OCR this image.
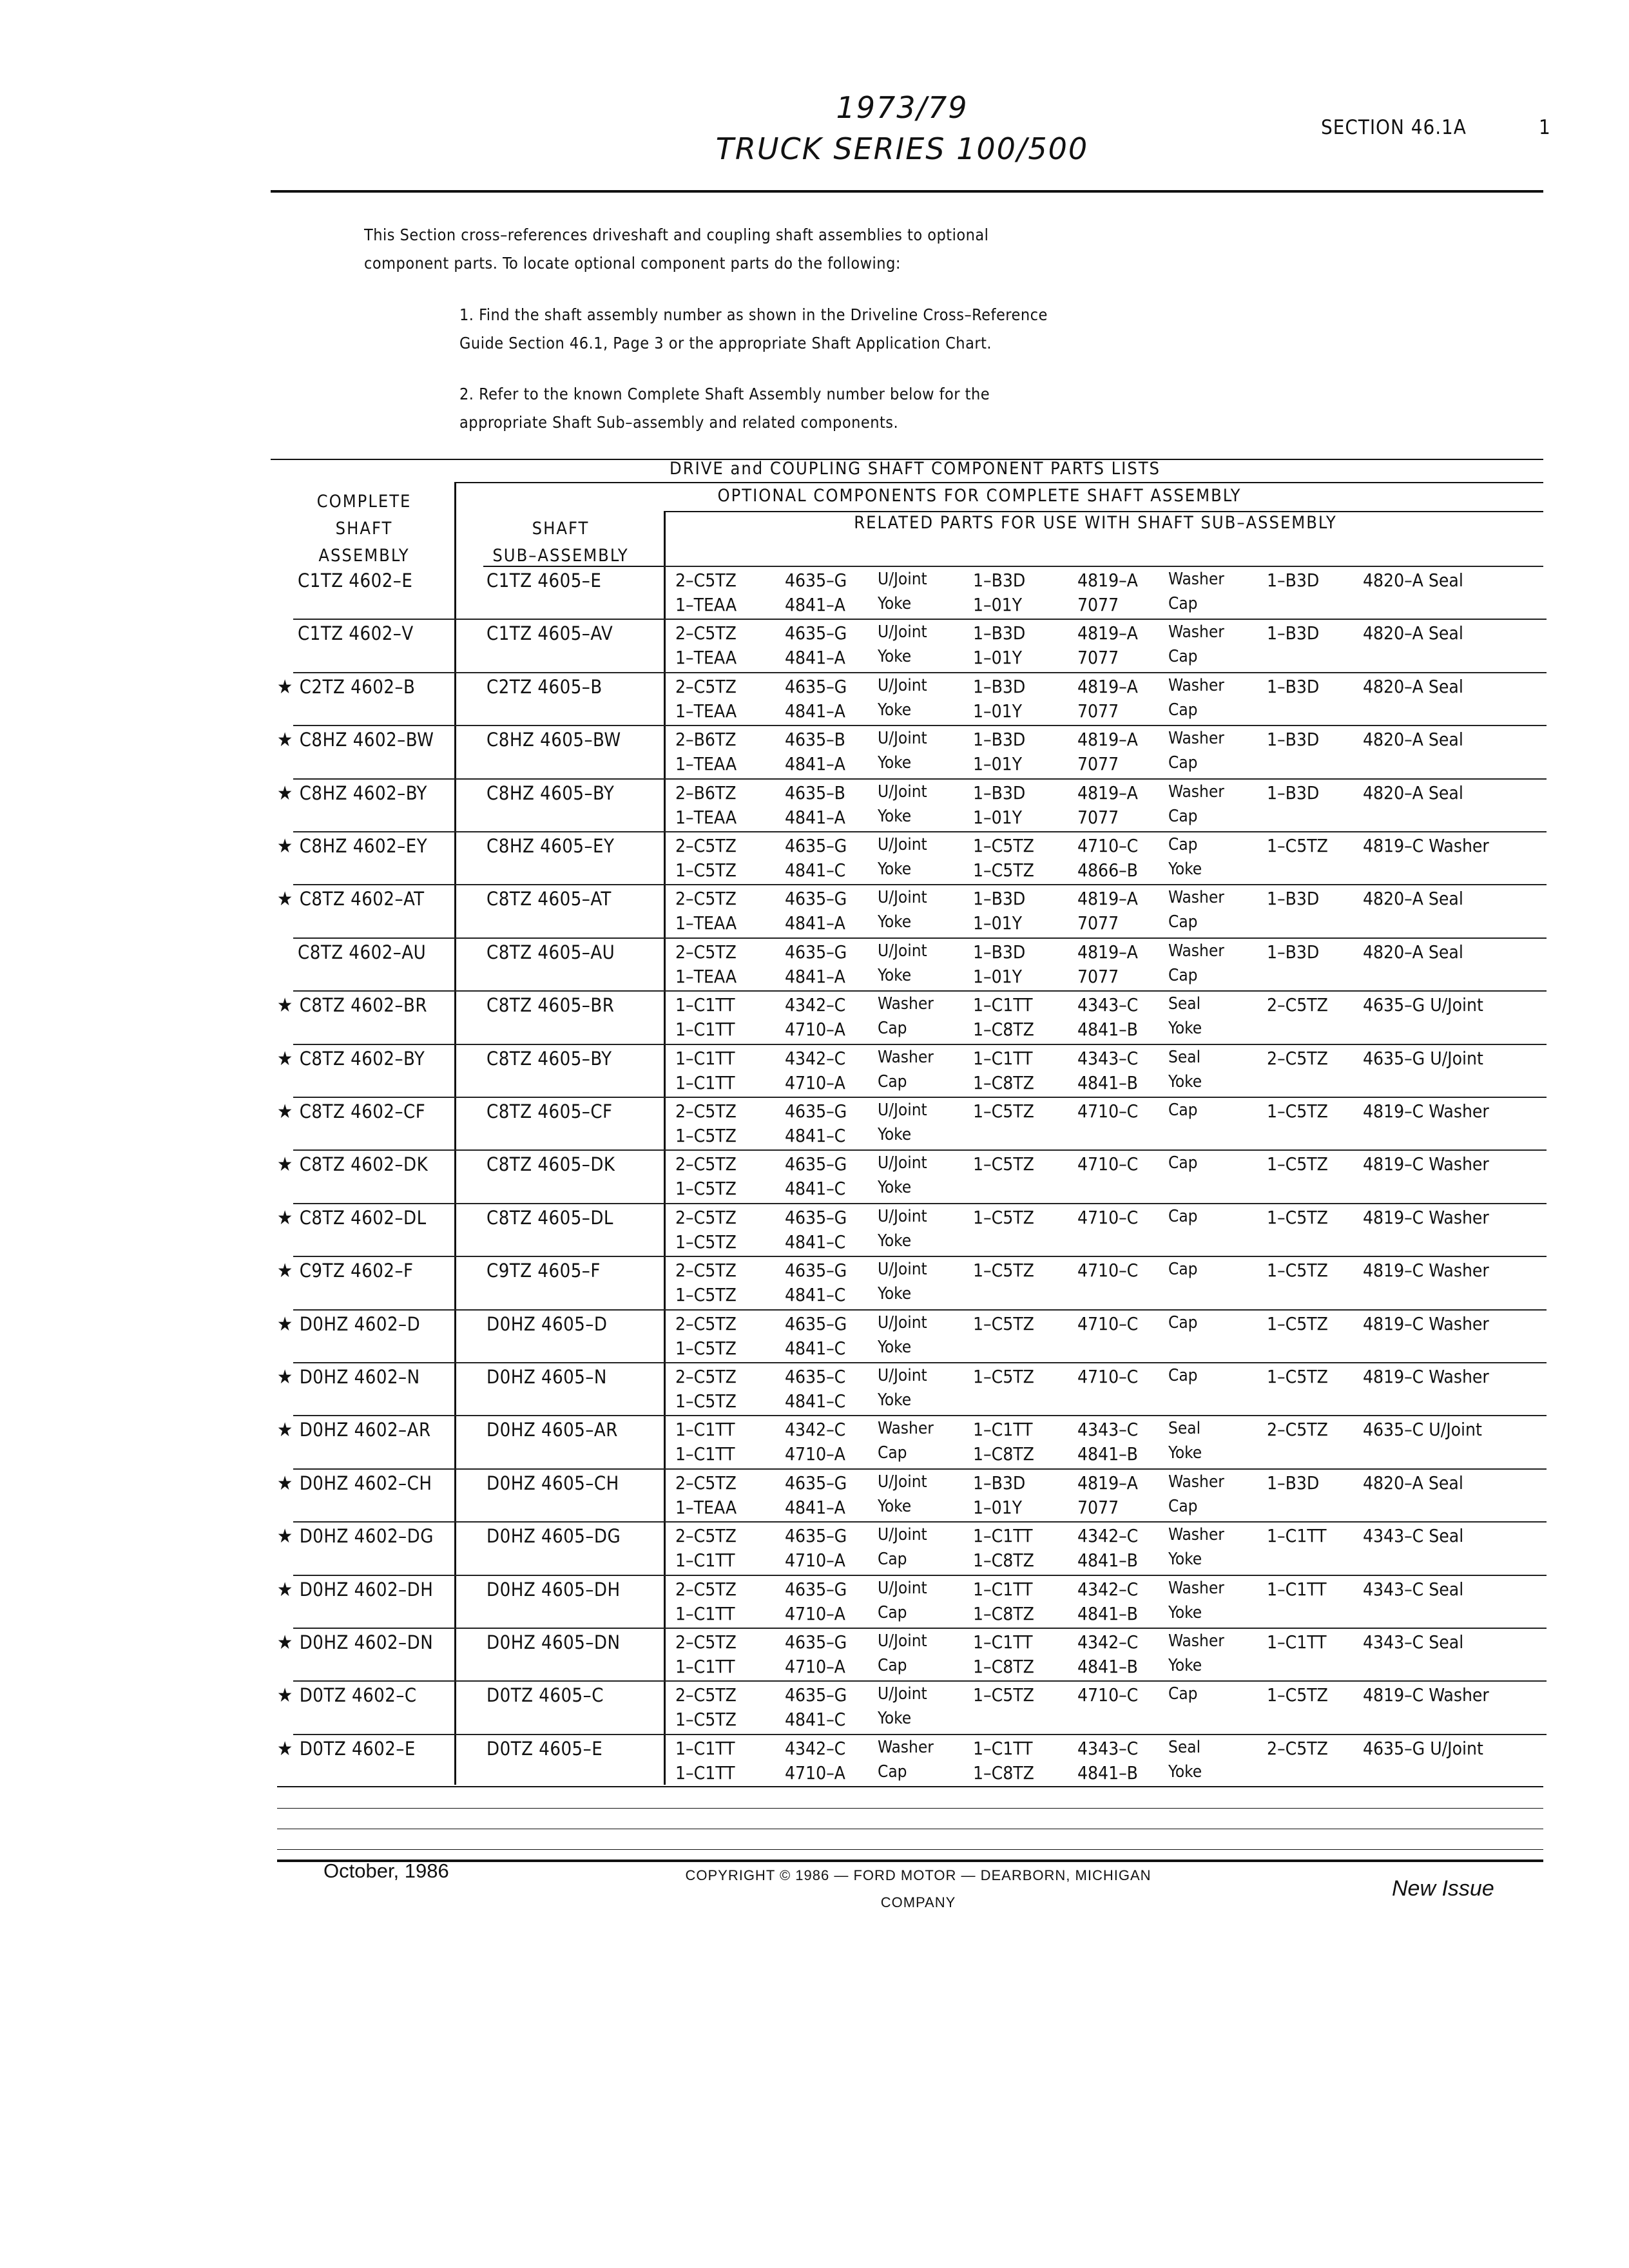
1973/79
TRUCK SERIES 100/500
SECTION 46.1A	1
This Section cross–references driveshaft and coupling shaft assemblies to optional
component parts. To locate optional component parts do the following:
1. Find the shaft assembly number as shown in the Driveline Cross–Reference
Guide Section 46.1, Page 3 or the appropriate Shaft Application Chart.
2. Refer to the known Complete Shaft Assembly number below for the
appropriate Shaft Sub–assembly and related components.
DRIVE and COUPLING SHAFT COMPONENT PARTS LISTS
OPTIONAL COMPONENTS FOR COMPLETE SHAFT ASSEMBLY
RELATED PARTS FOR USE WITH SHAFT SUB–ASSEMBLY
COMPLETE
SHAFT
ASSEMBLY
SHAFT
SUB–ASSEMBLY
C1TZ 4602–E	C1TZ 4605–E	2–C5TZ	4635–G U/Joint	1–B3D	4819–A Washer 1–B3D 4820–A Seal
1–TEAA	4841–A Yoke	1–01Y	7077	Cap
C1TZ 4602–V	C1TZ 4605–AV	2–C5TZ	4635–G U/Joint	1–B3D	4819–A Washer 1–B3D 4820–A Seal
1–TEAA	4841–A Yoke	1–01Y	7077	Cap
★ C2TZ 4602–B	C2TZ 4605–B	2–C5TZ	4635–G U/Joint	1–B3D	4819–A Washer 1–B3D 4820–A Seal
1–TEAA	4841–A Yoke	1–01Y	7077	Cap
★ C8HZ 4602–BW	C8HZ 4605–BW	2–B6TZ	4635–B U/Joint	1–B3D	4819–A Washer 1–B3D 4820–A Seal
1–TEAA	4841–A Yoke	1–01Y	7077	Cap
★ C8HZ 4602–BY	C8HZ 4605–BY	2–B6TZ	4635–B U/Joint	1–B3D	4819–A Washer 1–B3D 4820–A Seal
1–TEAA	4841–A Yoke	1–01Y	7077	Cap
★ C8HZ 4602–EY	C8HZ 4605–EY	2–C5TZ	4635–G U/Joint	1–C5TZ 4710–C Cap	1–C5TZ 4819–C Washer
1–C5TZ	4841–C Yoke	1–C5TZ 4866–B Yoke
★ C8TZ 4602–AT	C8TZ 4605–AT	2–C5TZ	4635–G U/Joint	1–B3D	4819–A Washer 1–B3D 4820–A Seal
1–TEAA	4841–A Yoke	1–01Y	7077	Cap
C8TZ 4602–AU	C8TZ 4605–AU	2–C5TZ	4635–G U/Joint	1–B3D	4819–A Washer 1–B3D 4820–A Seal
1–TEAA	4841–A Yoke	1–01Y	7077	Cap
★ C8TZ 4602–BR	C8TZ 4605–BR	1–C1TT	4342–C Washer 1–C1TT 4343–C Seal	2–C5TZ 4635–G U/Joint
1–C1TT	4710–A Cap	1–C8TZ 4841–B Yoke
★ C8TZ 4602–BY	C8TZ 4605–BY	1–C1TT	4342–C Washer 1–C1TT 4343–C Seal	2–C5TZ 4635–G U/Joint
1–C1TT	4710–A Cap	1–C8TZ 4841–B Yoke
★ C8TZ 4602–CF	C8TZ 4605–CF	2–C5TZ	4635–G U/Joint	1–C5TZ 4710–C Cap	1–C5TZ 4819–C Washer
1–C5TZ	4841–C Yoke
★ C8TZ 4602–DK	C8TZ 4605–DK	2–C5TZ	4635–G U/Joint	1–C5TZ 4710–C Cap	1–C5TZ 4819–C Washer
1–C5TZ	4841–C Yoke
★ C8TZ 4602–DL	C8TZ 4605–DL	2–C5TZ	4635–G U/Joint	1–C5TZ 4710–C Cap	1–C5TZ 4819–C Washer
1–C5TZ	4841–C Yoke
★ C9TZ 4602–F	C9TZ 4605–F	2–C5TZ	4635–G U/Joint	1–C5TZ 4710–C Cap	1–C5TZ 4819–C Washer
1–C5TZ	4841–C Yoke
★ D0HZ 4602–D	D0HZ 4605–D	2–C5TZ	4635–G U/Joint	1–C5TZ 4710–C Cap	1–C5TZ 4819–C Washer
1–C5TZ	4841–C Yoke
★ D0HZ 4602–N	D0HZ 4605–N	2–C5TZ	4635–C U/Joint	1–C5TZ 4710–C Cap	1–C5TZ 4819–C Washer
1–C5TZ	4841–C Yoke
★ D0HZ 4602–AR	D0HZ 4605–AR	1–C1TT	4342–C Washer 1–C1TT 4343–C Seal	2–C5TZ 4635–C U/Joint
1–C1TT	4710–A Cap	1–C8TZ 4841–B Yoke
★ D0HZ 4602–CH	D0HZ 4605–CH	2–C5TZ	4635–G U/Joint	1–B3D	4819–A Washer 1–B3D 4820–A Seal
1–TEAA	4841–A Yoke	1–01Y	7077	Cap
★ D0HZ 4602–DG	D0HZ 4605–DG	2–C5TZ	4635–G U/Joint	1–C1TT 4342–C Washer 1–C1TT 4343–C Seal
1–C1TT	4710–A Cap	1–C8TZ 4841–B Yoke
★ D0HZ 4602–DH	D0HZ 4605–DH	2–C5TZ	4635–G U/Joint	1–C1TT 4342–C Washer 1–C1TT 4343–C Seal
1–C1TT	4710–A Cap	1–C8TZ 4841–B Yoke
★ D0HZ 4602–DN	D0HZ 4605–DN	2–C5TZ	4635–G U/Joint	1–C1TT 4342–C Washer 1–C1TT 4343–C Seal
1–C1TT	4710–A Cap	1–C8TZ 4841–B Yoke
★ D0TZ 4602–C	D0TZ 4605–C	2–C5TZ	4635–G U/Joint	1–C5TZ 4710–C Cap	1–C5TZ 4819–C Washer
1–C5TZ	4841–C Yoke
★ D0TZ 4602–E	D0TZ 4605–E	1–C1TT	4342–C Washer 1–C1TT 4343–C Seal	2–C5TZ 4635–G U/Joint
1–C1TT	4710–A Cap	1–C8TZ 4841–B Yoke
October, 1986	COPYRIGHT © 1986 — FORD MOTOR — DEARBORN, MICHIGAN
COMPANY
New Issue
